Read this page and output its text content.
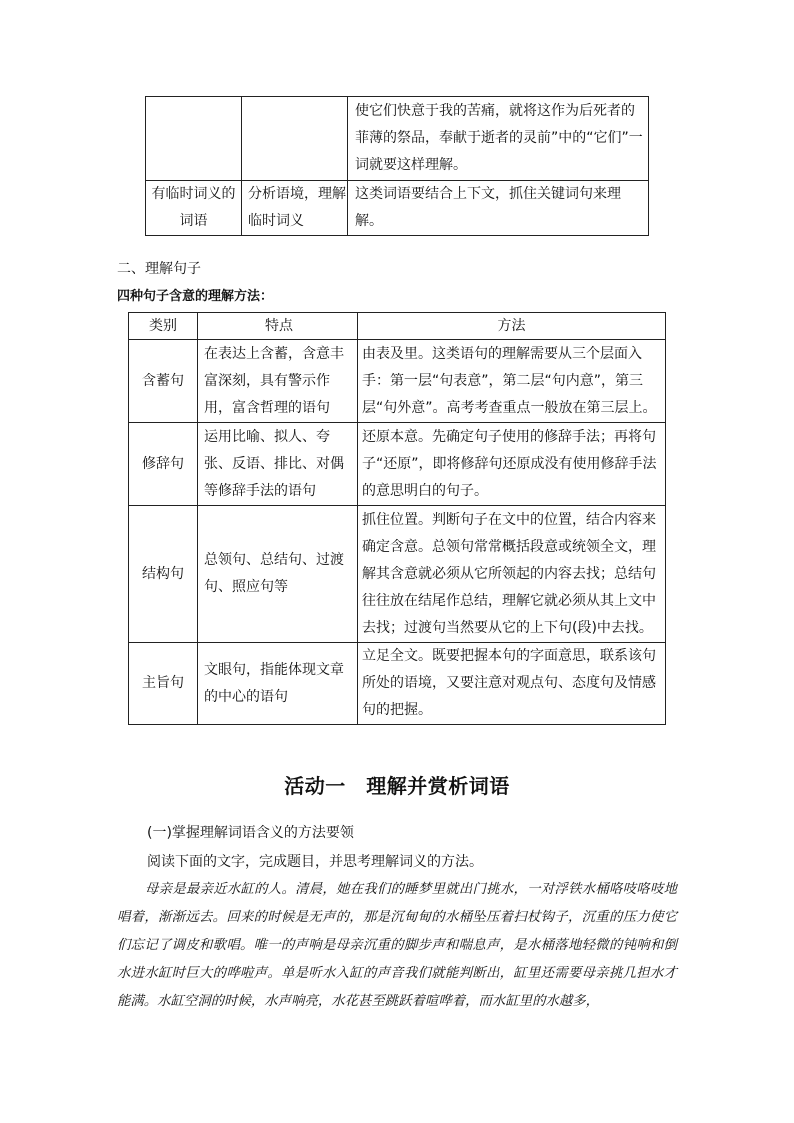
		使它们快意于我的苦痛，就将这作为后死者的菲薄的祭品，奉献于逝者的灵前”中的“它们”一词就要这样理解。
有临时词义的词语	分析语境，理解临时词义	这类词语要结合上下文，抓住关键词句来理解。
二、理解句子
四种句子含意的理解方法：
类别	特点	方法
含蓄句	在表达上含蓄，含意丰富深刻，具有警示作用，富含哲理的语句	由表及里。这类语句的理解需要从三个层面入手：第一层“句表意”，第二层“句内意”，第三层“句外意”。高考考查重点一般放在第三层上。
修辞句	运用比喻、拟人、夸张、反语、排比、对偶等修辞手法的语句	还原本意。先确定句子使用的修辞手法；再将句子“还原”，即将修辞句还原成没有使用修辞手法的意思明白的句子。
结构句	总领句、总结句、过渡句、照应句等	抓住位置。判断句子在文中的位置，结合内容来确定含意。总领句常常概括段意或统领全文，理解其含意就必须从它所领起的内容去找；总结句往往放在结尾作总结，理解它就必须从其上文中去找；过渡句当然要从它的上下句(段)中去找。
主旨句	文眼句，指能体现文章的中心的语句	立足全文。既要把握本句的字面意思，联系该句所处的语境，又要注意对观点句、态度句及情感句的把握。
活动一　理解并赏析词语
(一)掌握理解词语含义的方法要领
阅读下面的文字，完成题目，并思考理解词义的方法。
母亲是最亲近水缸的人。清晨，她在我们的睡梦里就出门挑水，一对浮铁水桶咯吱咯吱地唱着，渐渐远去。回来的时候是无声的，那是沉甸甸的水桶坠压着扫杖钩子，沉重的压力使它们忘记了调皮和歌唱。唯一的声响是母亲沉重的脚步声和喘息声，是水桶落地轻微的钝响和倒水进水缸时巨大的哗啦声。单是听水入缸的声音我们就能判断出，缸里还需要母亲挑几担水才能满。水缸空洞的时候，水声响亮，水花甚至跳跃着喧哗着，而水缸里的水越多，
